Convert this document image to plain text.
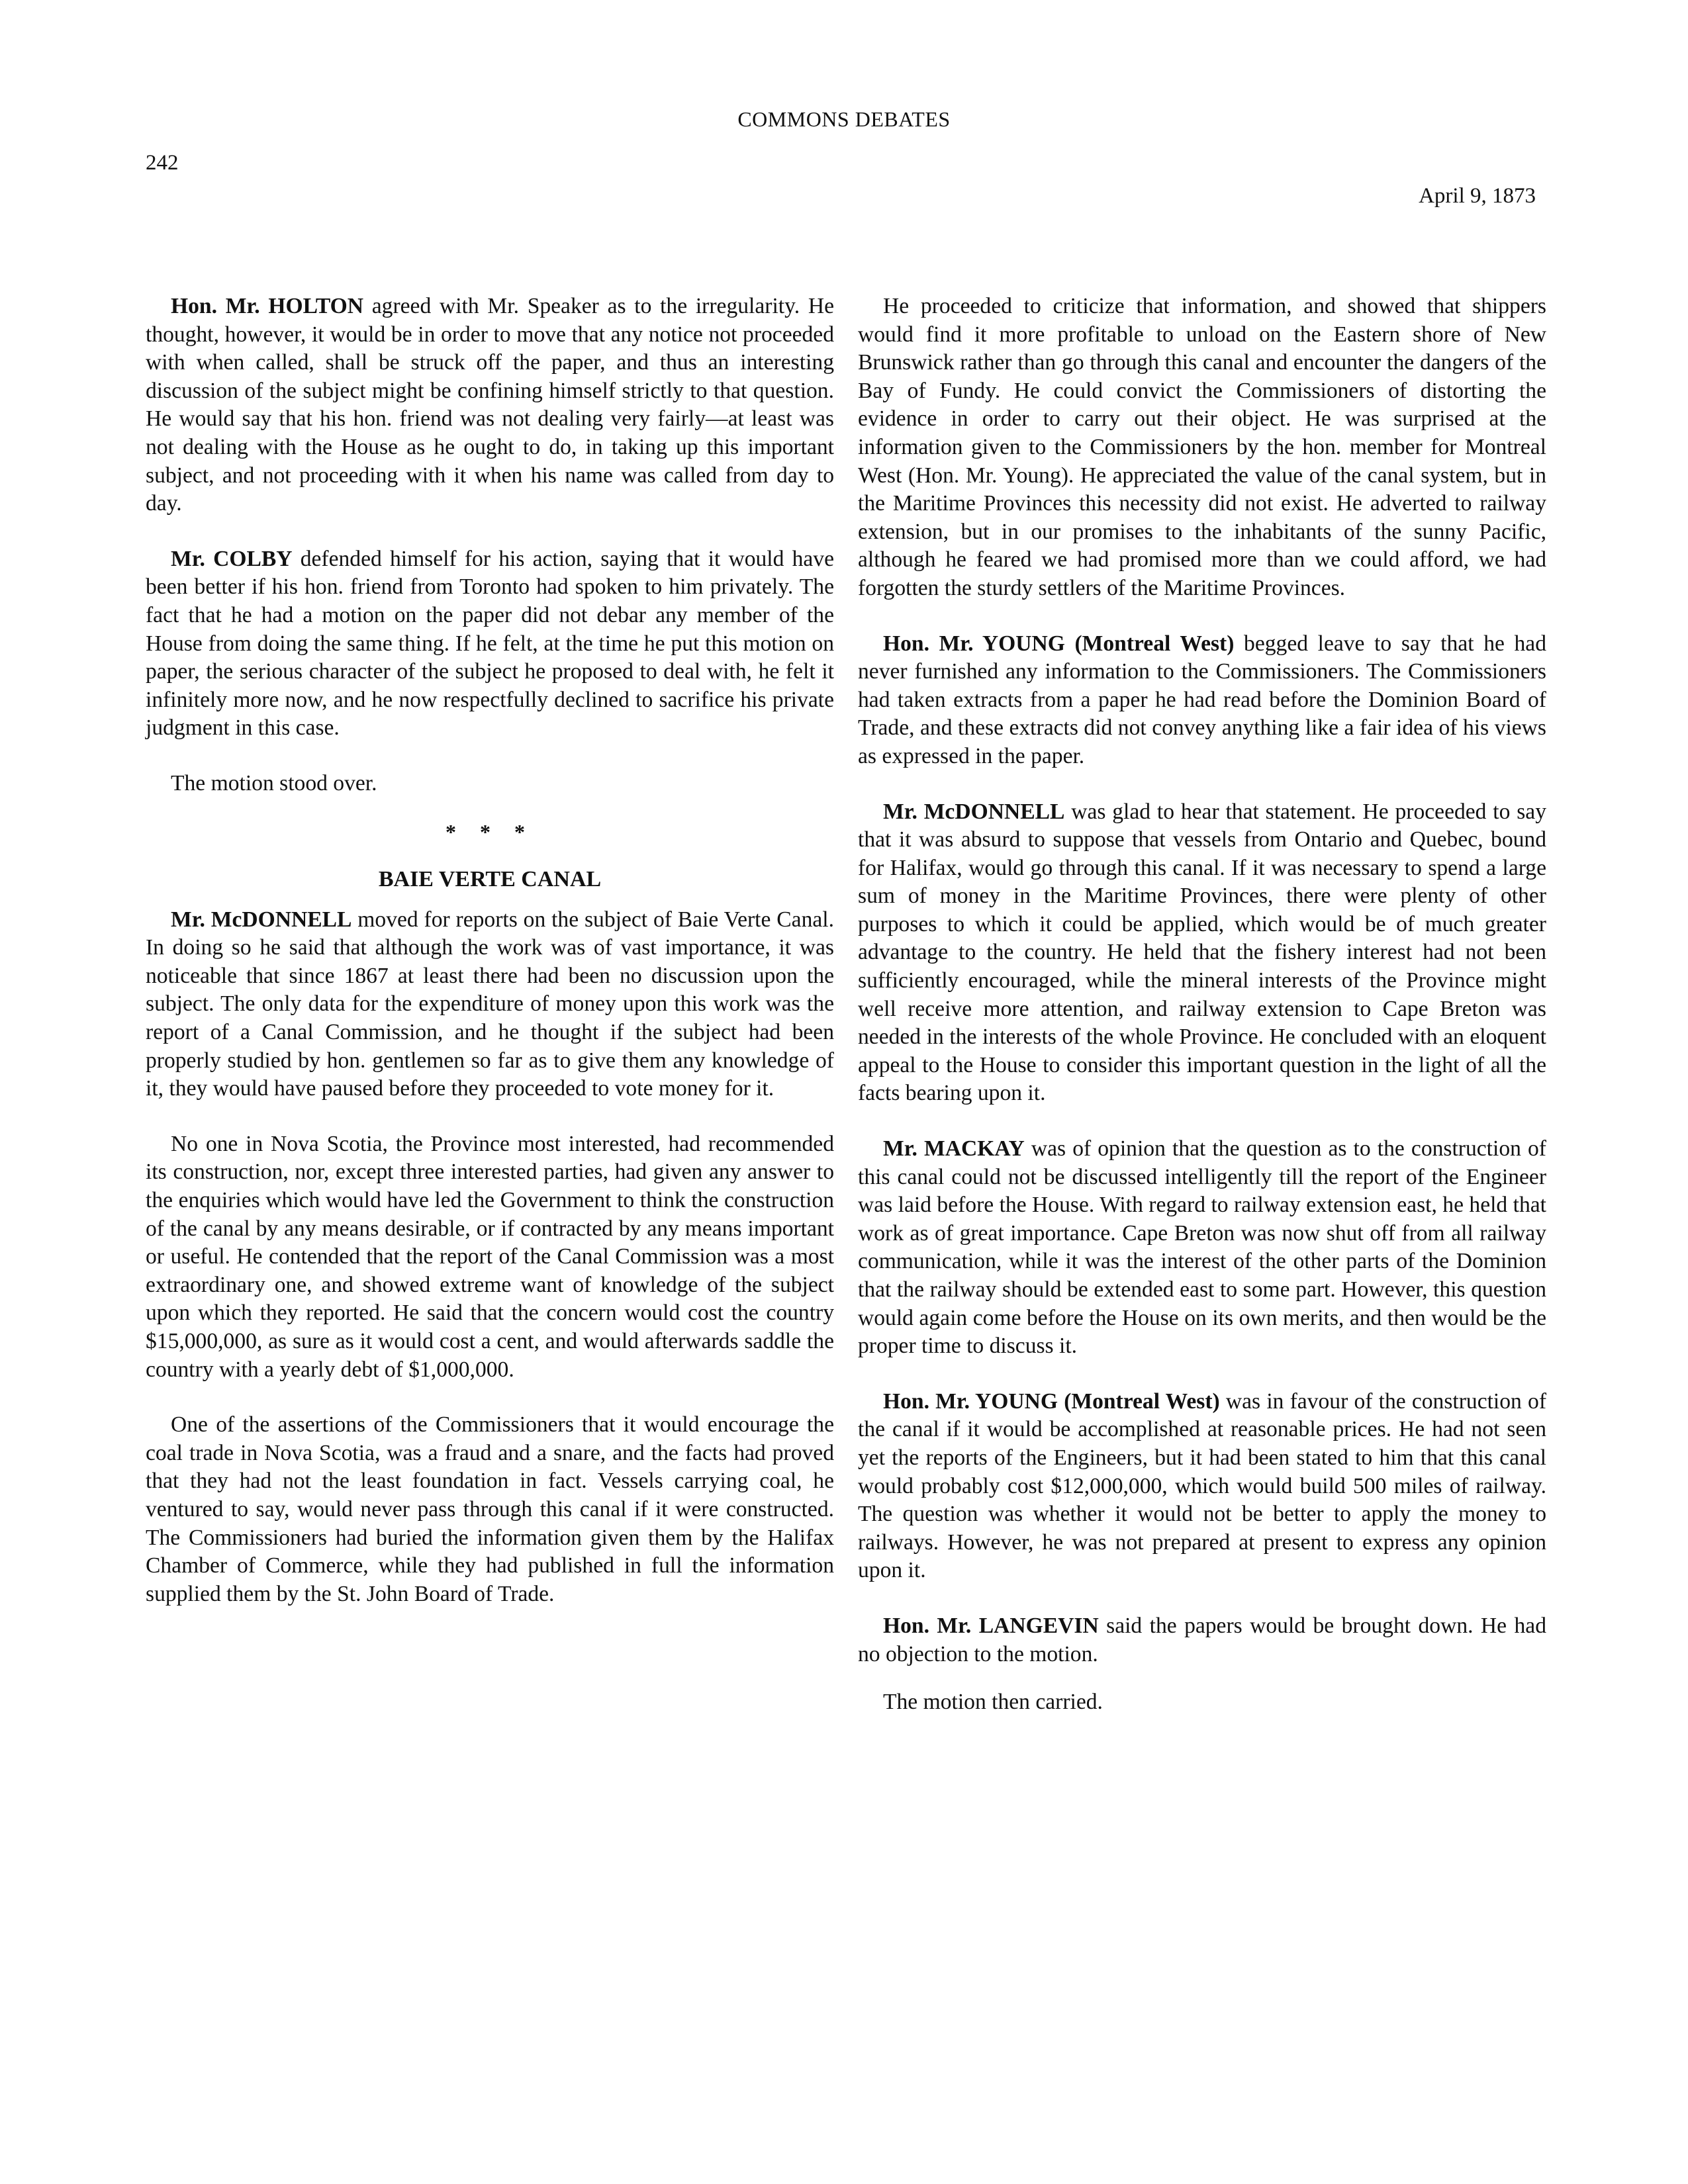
COMMONS DEBATES
242
April 9, 1873

Hon. Mr. HOLTON agreed with Mr. Speaker as to the irregularity. He thought, however, it would be in order to move that any notice not proceeded with when called, shall be struck off the paper, and thus an interesting discussion of the subject might be confining himself strictly to that question. He would say that his hon. friend was not dealing very fairly—at least was not dealing with the House as he ought to do, in taking up this important subject, and not proceeding with it when his name was called from day to day.

Mr. COLBY defended himself for his action, saying that it would have been better if his hon. friend from Toronto had spoken to him privately. The fact that he had a motion on the paper did not debar any member of the House from doing the same thing. If he felt, at the time he put this motion on paper, the serious character of the subject he proposed to deal with, he felt it infinitely more now, and he now respectfully declined to sacrifice his private judgment in this case.

The motion stood over.

* * *
BAIE VERTE CANAL

Mr. McDONNELL moved for reports on the subject of Baie Verte Canal. In doing so he said that although the work was of vast importance, it was noticeable that since 1867 at least there had been no discussion upon the subject. The only data for the expenditure of money upon this work was the report of a Canal Commission, and he thought if the subject had been properly studied by hon. gentlemen so far as to give them any knowledge of it, they would have paused before they proceeded to vote money for it.

No one in Nova Scotia, the Province most interested, had recommended its construction, nor, except three interested parties, had given any answer to the enquiries which would have led the Government to think the construction of the canal by any means desirable, or if contracted by any means important or useful. He contended that the report of the Canal Commission was a most extraordinary one, and showed extreme want of knowledge of the subject upon which they reported. He said that the concern would cost the country $15,000,000, as sure as it would cost a cent, and would afterwards saddle the country with a yearly debt of $1,000,000.

One of the assertions of the Commissioners that it would encourage the coal trade in Nova Scotia, was a fraud and a snare, and the facts had proved that they had not the least foundation in fact. Vessels carrying coal, he ventured to say, would never pass through this canal if it were constructed. The Commissioners had buried the information given them by the Halifax Chamber of Commerce, while they had published in full the information supplied them by the St. John Board of Trade.

He proceeded to criticize that information, and showed that shippers would find it more profitable to unload on the Eastern shore of New Brunswick rather than go through this canal and encounter the dangers of the Bay of Fundy. He could convict the Commissioners of distorting the evidence in order to carry out their object. He was surprised at the information given to the Commissioners by the hon. member for Montreal West (Hon. Mr. Young). He appreciated the value of the canal system, but in the Maritime Provinces this necessity did not exist. He adverted to railway extension, but in our promises to the inhabitants of the sunny Pacific, although he feared we had promised more than we could afford, we had forgotten the sturdy settlers of the Maritime Provinces.

Hon. Mr. YOUNG (Montreal West) begged leave to say that he had never furnished any information to the Commissioners. The Commissioners had taken extracts from a paper he had read before the Dominion Board of Trade, and these extracts did not convey anything like a fair idea of his views as expressed in the paper.

Mr. McDONNELL was glad to hear that statement. He proceeded to say that it was absurd to suppose that vessels from Ontario and Quebec, bound for Halifax, would go through this canal. If it was necessary to spend a large sum of money in the Maritime Provinces, there were plenty of other purposes to which it could be applied, which would be of much greater advantage to the country. He held that the fishery interest had not been sufficiently encouraged, while the mineral interests of the Province might well receive more attention, and railway extension to Cape Breton was needed in the interests of the whole Province. He concluded with an eloquent appeal to the House to consider this important question in the light of all the facts bearing upon it.

Mr. MACKAY was of opinion that the question as to the construction of this canal could not be discussed intelligently till the report of the Engineer was laid before the House. With regard to railway extension east, he held that work as of great importance. Cape Breton was now shut off from all railway communication, while it was the interest of the other parts of the Dominion that the railway should be extended east to some part. However, this question would again come before the House on its own merits, and then would be the proper time to discuss it.

Hon. Mr. YOUNG (Montreal West) was in favour of the construction of the canal if it would be accomplished at reasonable prices. He had not seen yet the reports of the Engineers, but it had been stated to him that this canal would probably cost $12,000,000, which would build 500 miles of railway. The question was whether it would not be better to apply the money to railways. However, he was not prepared at present to express any opinion upon it.

Hon. Mr. LANGEVIN said the papers would be brought down. He had no objection to the motion.

The motion then carried.
